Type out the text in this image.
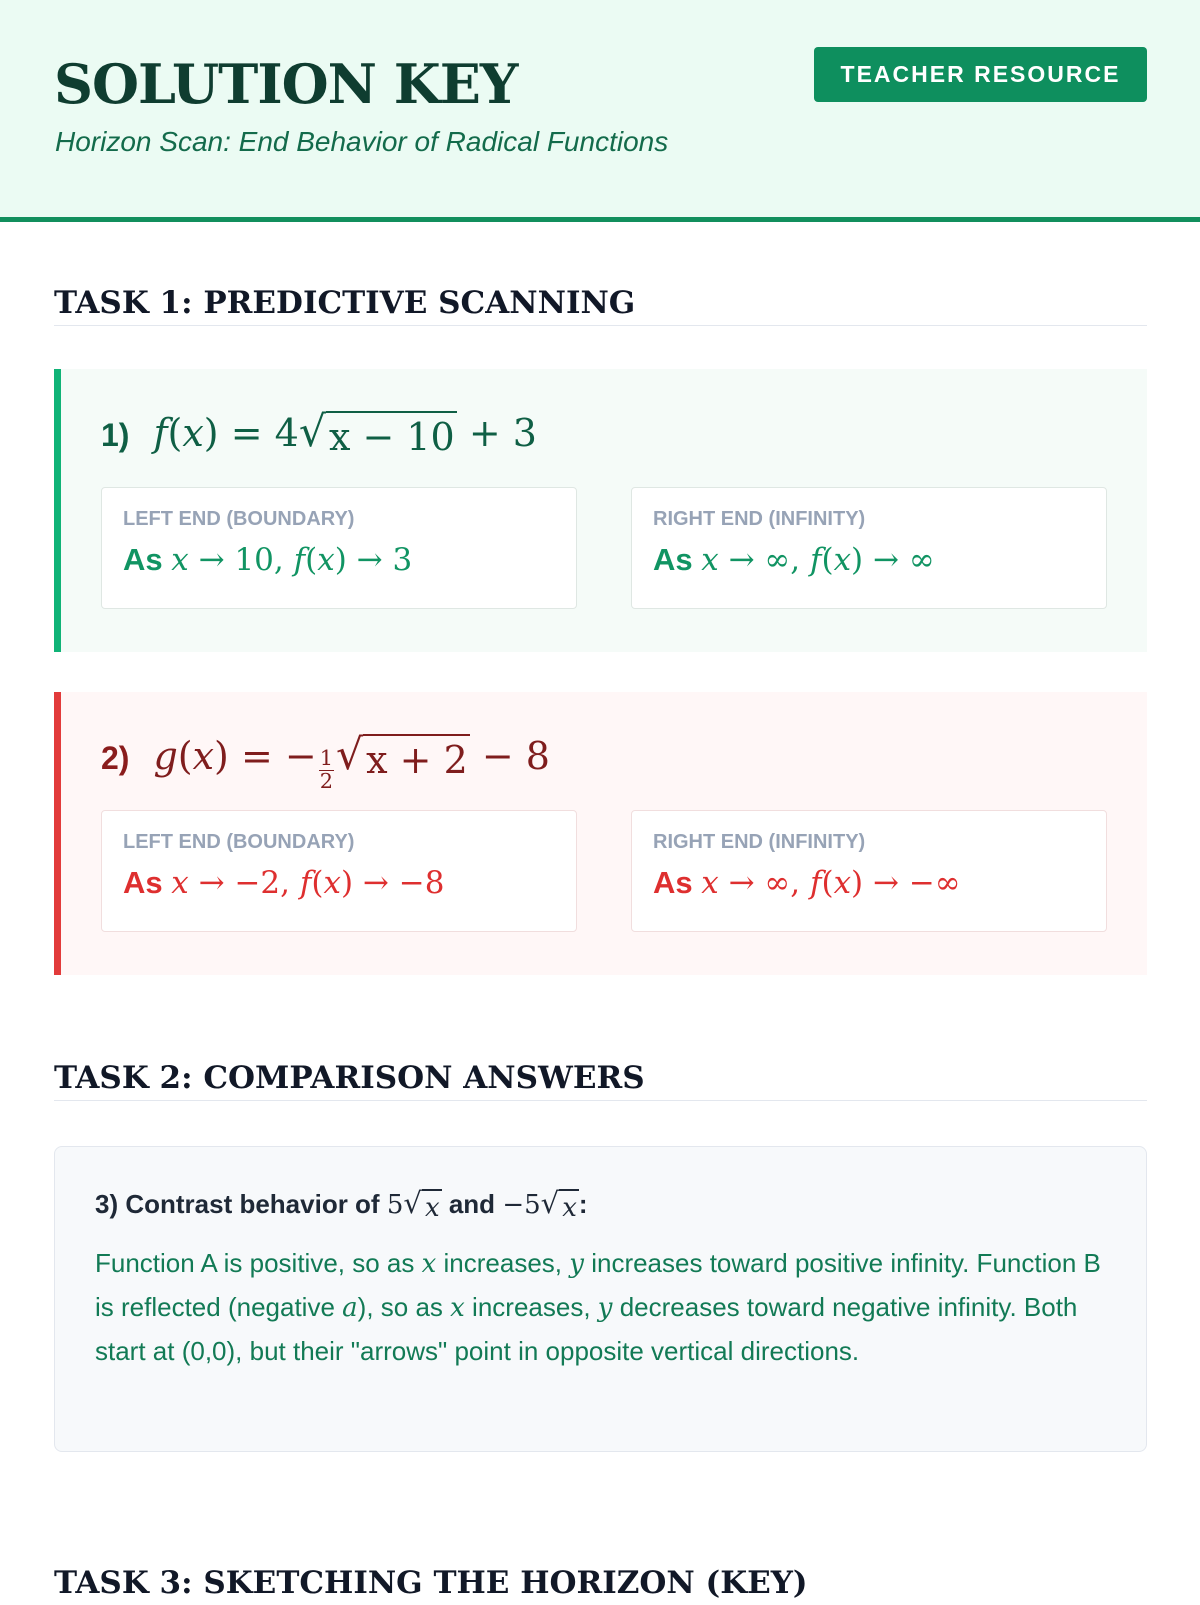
SOLUTION KEY

Horizon Scan: End Behavior of Radical Functions

TEACHER RESOURCE
TASK 1: PREDICTIVE SCANNING
1) f(x) = 4 √ x − 10 + 3
LEFT END (BOUNDARY)
As x → 10, f(x) → 3
RIGHT END (INFINITY)
As x → ∞, f(x) → ∞
2) g(x) = − $\frac{1}{2}$ √ x + 2 − 8
LEFT END (BOUNDARY)
As x → −2, f(x) → −8
RIGHT END (INFINITY)
As x → ∞, f(x) → −∞
TASK 2: COMPARISON ANSWERS
3) Contrast behavior of 5 √ x and −5 √ x :

Function A is positive, so as x increases, y increases toward positive infinity. Function B is reflected (negative a), so as x increases, y decreases toward negative infinity. Both start at (0,0), but their "arrows" point in opposite vertical directions.

TASK 3: SKETCHING THE HORIZON (KEY)
